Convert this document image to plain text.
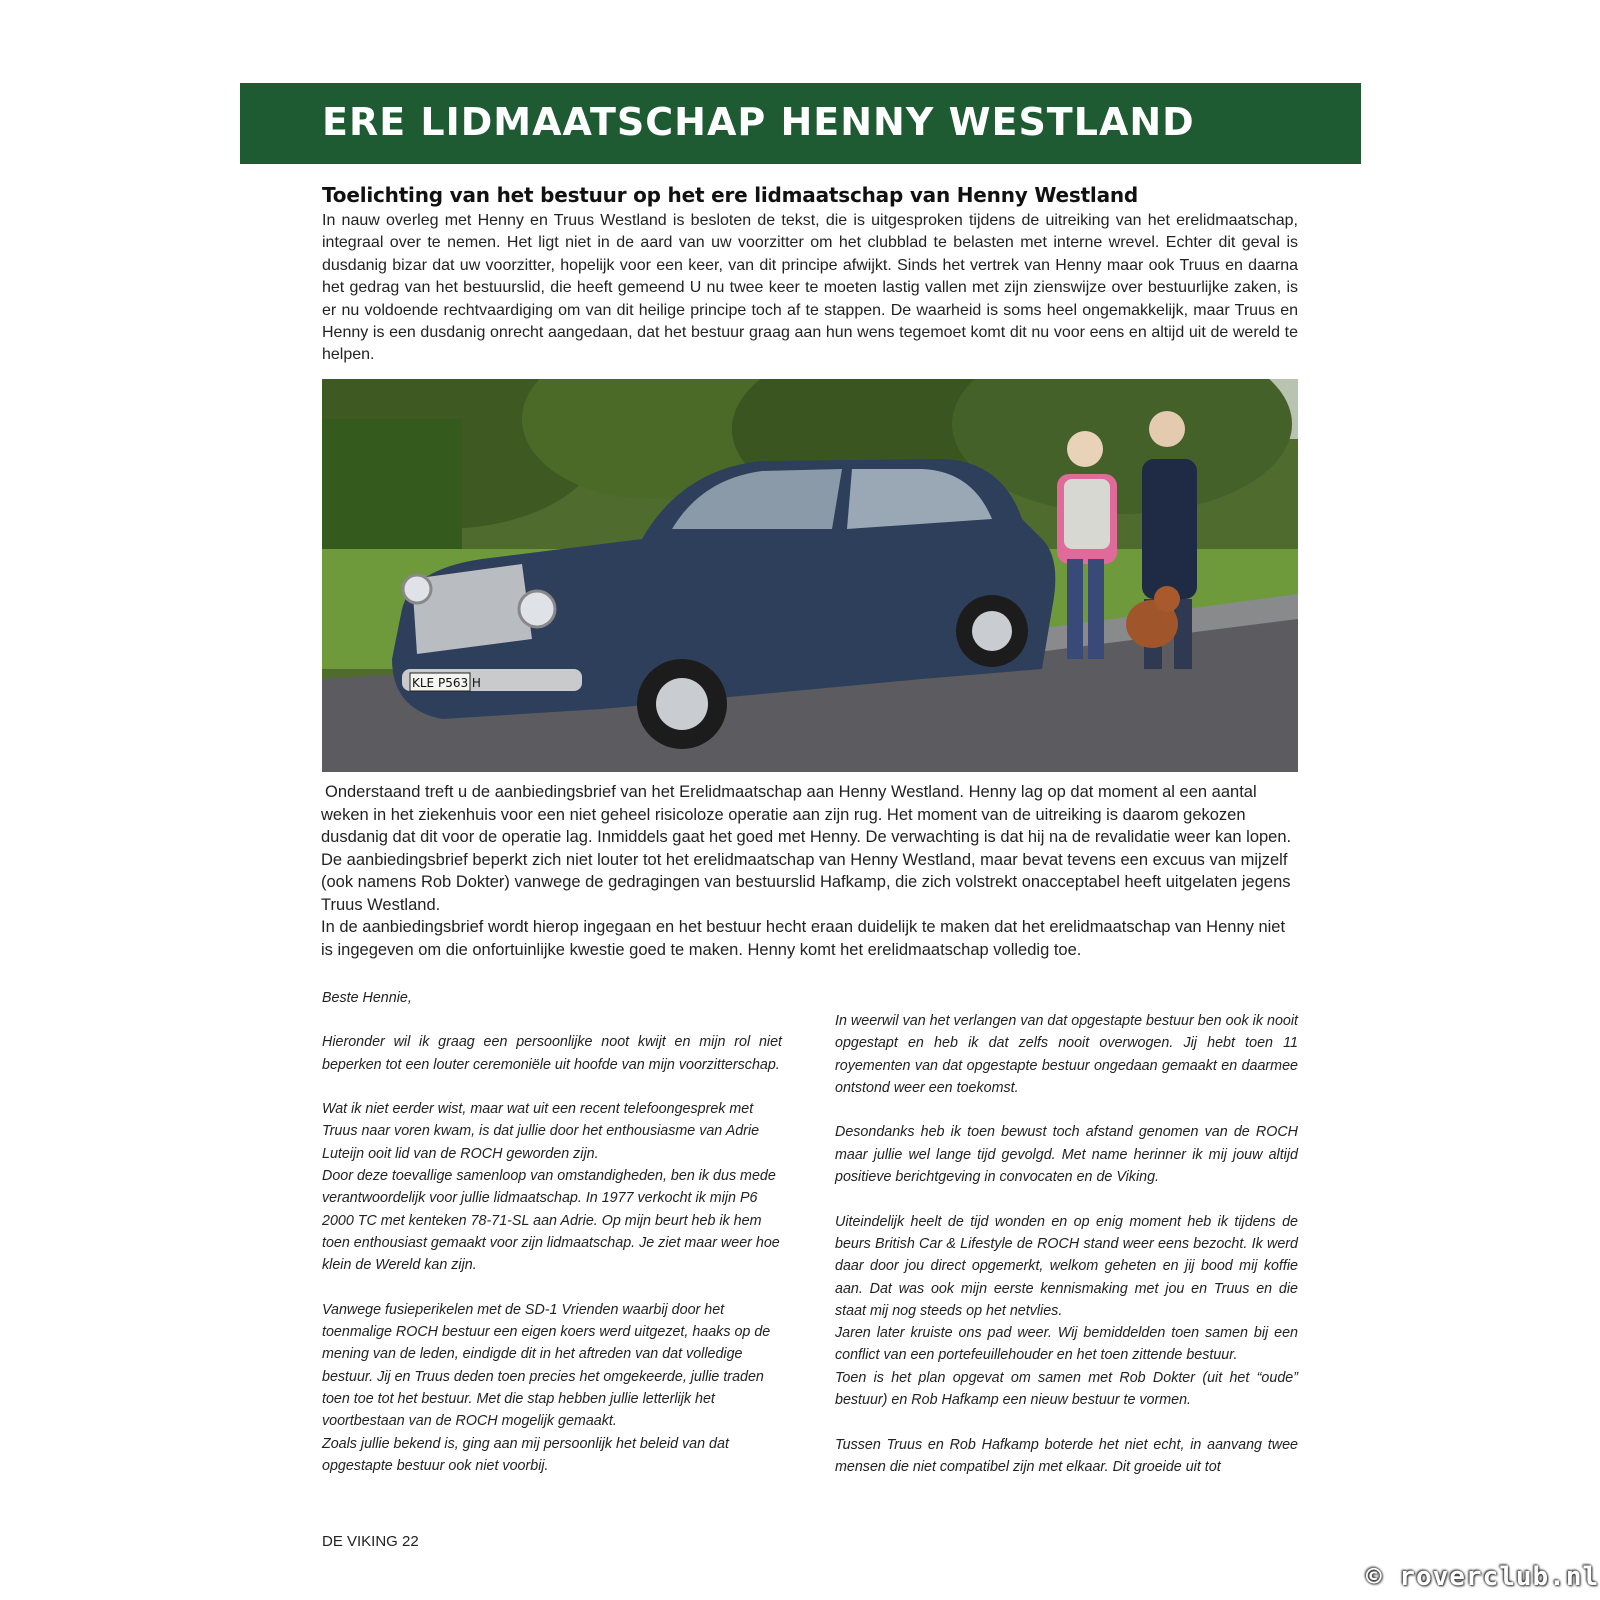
ERE LIDMAATSCHAP HENNY WESTLAND
Toelichting van het bestuur op het ere lidmaatschap van Henny Westland

In nauw overleg met Henny en Truus Westland is besloten de tekst, die is uitgesproken tijdens de uitreiking van het erelidmaatschap, integraal over te nemen. Het ligt niet in de aard van uw voorzitter om het clubblad te belasten met interne wrevel. Echter dit geval is dusdanig bizar dat uw voorzitter, hopelijk voor een keer, van dit principe afwijkt. Sinds het vertrek van Henny maar ook Truus en daarna het gedrag van het bestuurslid, die heeft gemeend U nu twee keer te moeten lastig vallen met zijn zienswijze over bestuurlijke zaken, is er nu voldoende rechtvaardiging om van dit heilige principe toch af te stappen. De waarheid is soms heel ongemakkelijk, maar Truus en Henny is een dusdanig onrecht aangedaan, dat het bestuur graag aan hun wens tegemoet komt dit nu voor eens en altijd uit de wereld te helpen.

KLE P563 H

Onderstaand treft u de aanbiedingsbrief van het Erelidmaatschap aan Henny Westland. Henny lag op dat moment al een aantal weken in het ziekenhuis voor een niet geheel risicoloze operatie aan zijn rug. Het moment van de uitreiking is daarom gekozen dusdanig dat dit voor de operatie lag. Inmiddels gaat het goed met Henny. De verwachting is dat hij na de revalidatie weer kan lopen. De aanbiedingsbrief beperkt zich niet louter tot het erelidmaatschap van Henny Westland, maar bevat tevens een excuus van mijzelf (ook namens Rob Dokter) vanwege de gedragingen van bestuurslid Hafkamp, die zich volstrekt onacceptabel heeft uitgelaten jegens Truus Westland.

In de aanbiedingsbrief wordt hierop ingegaan en het bestuur hecht eraan duidelijk te maken dat het erelidmaatschap van Henny niet is ingegeven om die onfortuinlijke kwestie goed te maken. Henny komt het erelidmaatschap volledig toe.

Beste Hennie,

Hieronder wil ik graag een persoonlijke noot kwijt en mijn rol niet beperken tot een louter ceremoniële uit hoofde van mijn voorzitterschap.

Wat ik niet eerder wist, maar wat uit een recent telefoongesprek met Truus naar voren kwam, is dat jullie door het enthousiasme van Adrie Luteijn ooit lid van de ROCH geworden zijn.

Door deze toevallige samenloop van omstandigheden, ben ik dus mede verantwoordelijk voor jullie lidmaatschap. In 1977 verkocht ik mijn P6 2000 TC met kenteken 78-71-SL aan Adrie. Op mijn beurt heb ik hem toen enthousiast gemaakt voor zijn lidmaatschap. Je ziet maar weer hoe klein de Wereld kan zijn.

Vanwege fusieperikelen met de SD-1 Vrienden waarbij door het toenmalige ROCH bestuur een eigen koers werd uitgezet, haaks op de mening van de leden, eindigde dit in het aftreden van dat volledige bestuur. Jij en Truus deden toen precies het omgekeerde, jullie traden toen toe tot het bestuur. Met die stap hebben jullie letterlijk het voortbestaan van de ROCH mogelijk gemaakt.

Zoals jullie bekend is, ging aan mij persoonlijk het beleid van dat opgestapte bestuur ook niet voorbij.

In weerwil van het verlangen van dat opgestapte bestuur ben ook ik nooit opgestapt en heb ik dat zelfs nooit overwogen. Jij hebt toen 11 royementen van dat opgestapte bestuur ongedaan gemaakt en daarmee ontstond weer een toekomst.

Desondanks heb ik toen bewust toch afstand genomen van de ROCH maar jullie wel lange tijd gevolgd. Met name herinner ik mij jouw altijd positieve berichtgeving in convocaten en de Viking.

Uiteindelijk heelt de tijd wonden en op enig moment heb ik tijdens de beurs British Car & Lifestyle de ROCH stand weer eens bezocht. Ik werd daar door jou direct opgemerkt, welkom geheten en jij bood mij koffie aan. Dat was ook mijn eerste kennismaking met jou en Truus en die staat mij nog steeds op het netvlies.

Jaren later kruiste ons pad weer. Wij bemiddelden toen samen bij een conflict van een portefeuillehouder en het toen zittende bestuur.

Toen is het plan opgevat om samen met Rob Dokter (uit het “oude” bestuur) en Rob Hafkamp een nieuw bestuur te vormen.

Tussen Truus en Rob Hafkamp boterde het niet echt, in aanvang twee mensen die niet compatibel zijn met elkaar. Dit groeide uit tot

DE VIKING 22
© roverclub.nl
